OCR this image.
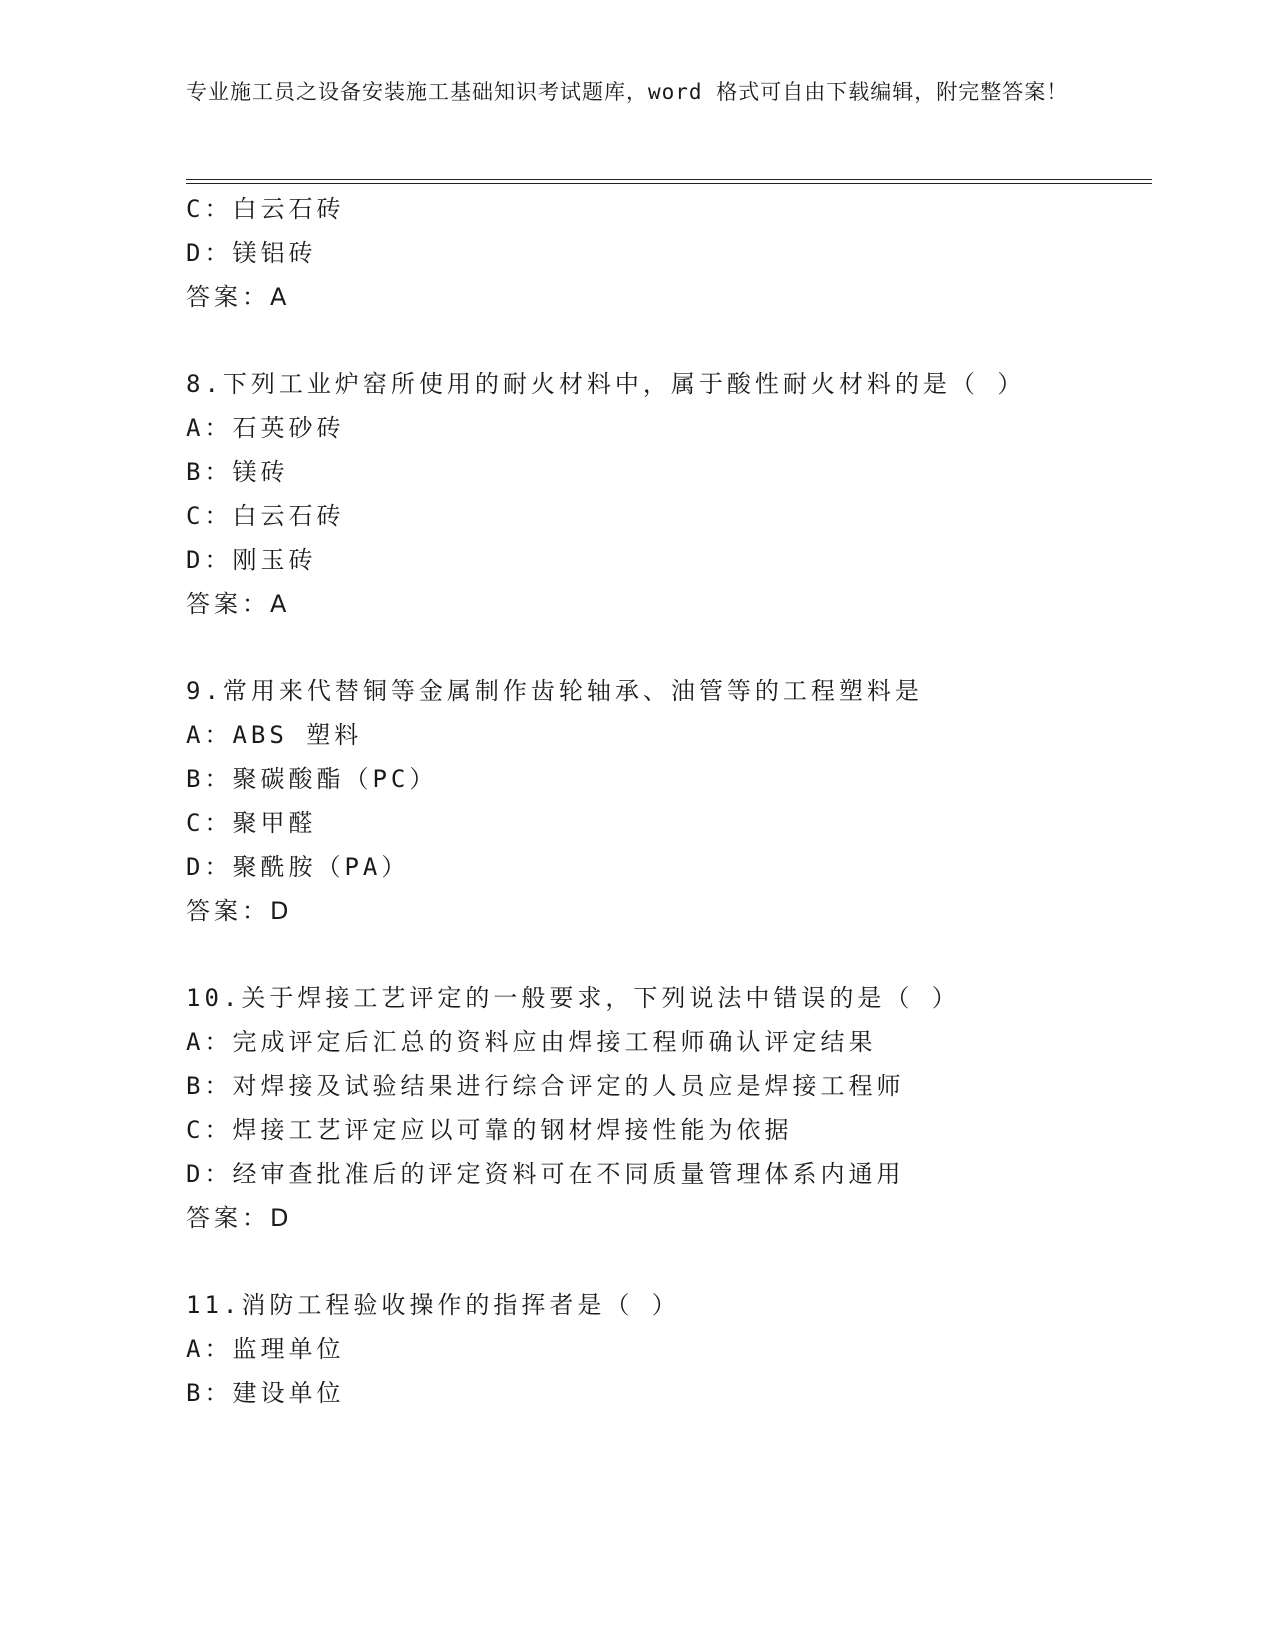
专业施工员之设备安装施工基础知识考试题库，word 格式可自由下载编辑，附完整答案！
C：白云石砖
D：镁铝砖
答案：A
8.下列工业炉窑所使用的耐火材料中，属于酸性耐火材料的是（ ）
A：石英砂砖
B：镁砖
C：白云石砖
D：刚玉砖
答案：A
9.常用来代替铜等金属制作齿轮轴承、油管等的工程塑料是
A：ABS 塑料
B：聚碳酸酯（PC）
C：聚甲醛
D：聚酰胺（PA）
答案：D
10.关于焊接工艺评定的一般要求，下列说法中错误的是（ ）
A：完成评定后汇总的资料应由焊接工程师确认评定结果
B：对焊接及试验结果进行综合评定的人员应是焊接工程师
C：焊接工艺评定应以可靠的钢材焊接性能为依据
D：经审查批准后的评定资料可在不同质量管理体系内通用
答案：D
11.消防工程验收操作的指挥者是（ ）
A：监理单位
B：建设单位
